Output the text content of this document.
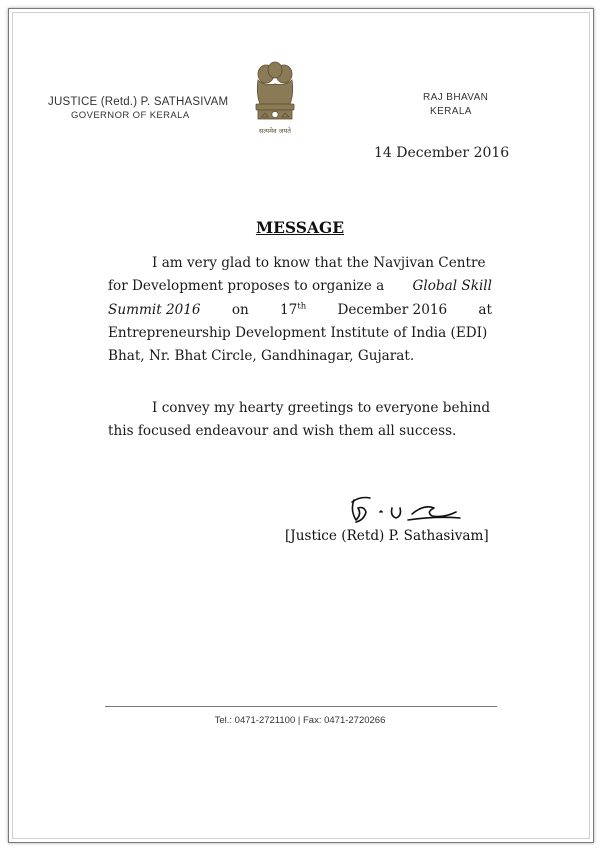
JUSTICE (Retd.) P. SATHASIVAM
GOVERNOR OF KERALA
सत्यमेव जयते
RAJ BHAVAN
KERALA
14 December 2016
MESSAGE
I am very glad to know that the Navjivan Centre
for Development proposes to organize a Global Skill
Summit 2016 on 17th December 2016 at
Entrepreneurship Development Institute of India (EDI)
Bhat, Nr. Bhat Circle, Gandhinagar, Gujarat.
I convey my hearty greetings to everyone behind
this focused endeavour and wish them all success.
[Justice (Retd) P. Sathasivam]
Tel.: 0471-2721100 | Fax: 0471-2720266
